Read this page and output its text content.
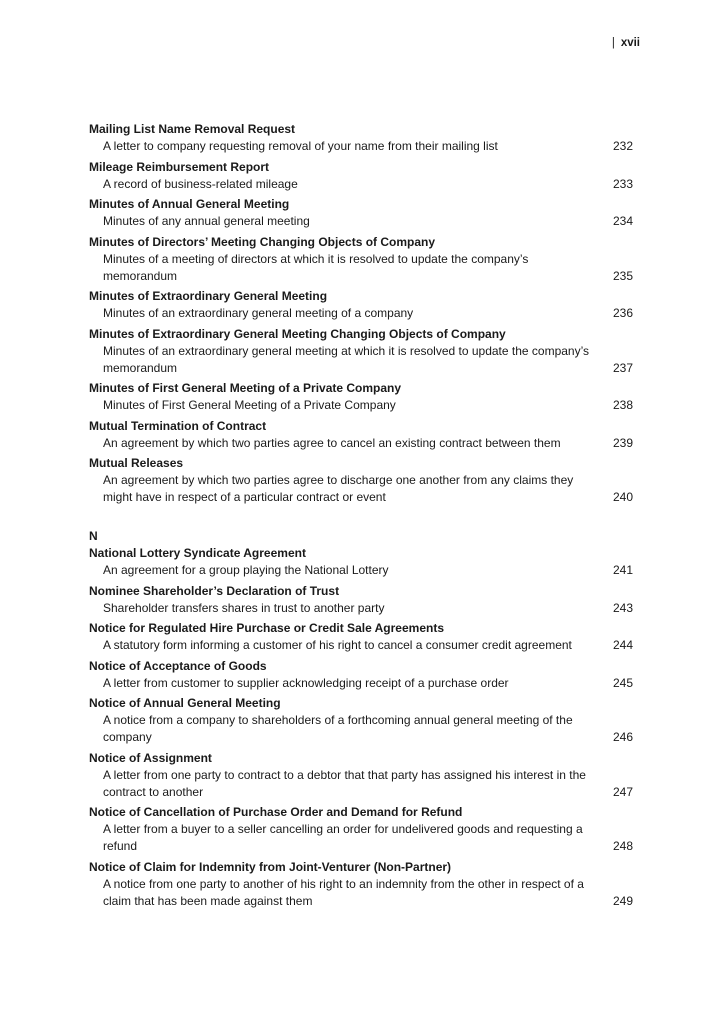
| xvii
Mailing List Name Removal Request
A letter to company requesting removal of your name from their mailing list	232
Mileage Reimbursement Report
A record of business-related mileage	233
Minutes of Annual General Meeting
Minutes of any annual general meeting	234
Minutes of Directors’ Meeting Changing Objects of Company
Minutes of a meeting of directors at which it is resolved to update the company’s memorandum	235
Minutes of Extraordinary General Meeting
Minutes of an extraordinary general meeting of a company	236
Minutes of Extraordinary General Meeting Changing Objects of Company
Minutes of an extraordinary general meeting at which it is resolved to update the company’s memorandum	237
Minutes of First General Meeting of a Private Company
Minutes of First General Meeting of a Private Company	238
Mutual Termination of Contract
An agreement by which two parties agree to cancel an existing contract between them	239
Mutual Releases
An agreement by which two parties agree to discharge one another from any claims they might have in respect of a particular contract or event	240
N
National Lottery Syndicate Agreement
An agreement for a group playing the National Lottery	241
Nominee Shareholder’s Declaration of Trust
Shareholder transfers shares in trust to another party	243
Notice for Regulated Hire Purchase or Credit Sale Agreements
A statutory form informing a customer of his right to cancel a consumer credit agreement	244
Notice of Acceptance of Goods
A letter from customer to supplier acknowledging receipt of a purchase order	245
Notice of Annual General Meeting
A notice from a company to shareholders of a forthcoming annual general meeting of the company	246
Notice of Assignment
A letter from one party to contract to a debtor that that party has assigned his interest in the contract to another	247
Notice of Cancellation of Purchase Order and Demand for Refund
A letter from a buyer to a seller cancelling an order for undelivered goods and requesting a refund	248
Notice of Claim for Indemnity from Joint-Venturer (Non-Partner)
A notice from one party to another of his right to an indemnity from the other in respect of a claim that has been made against them	249
